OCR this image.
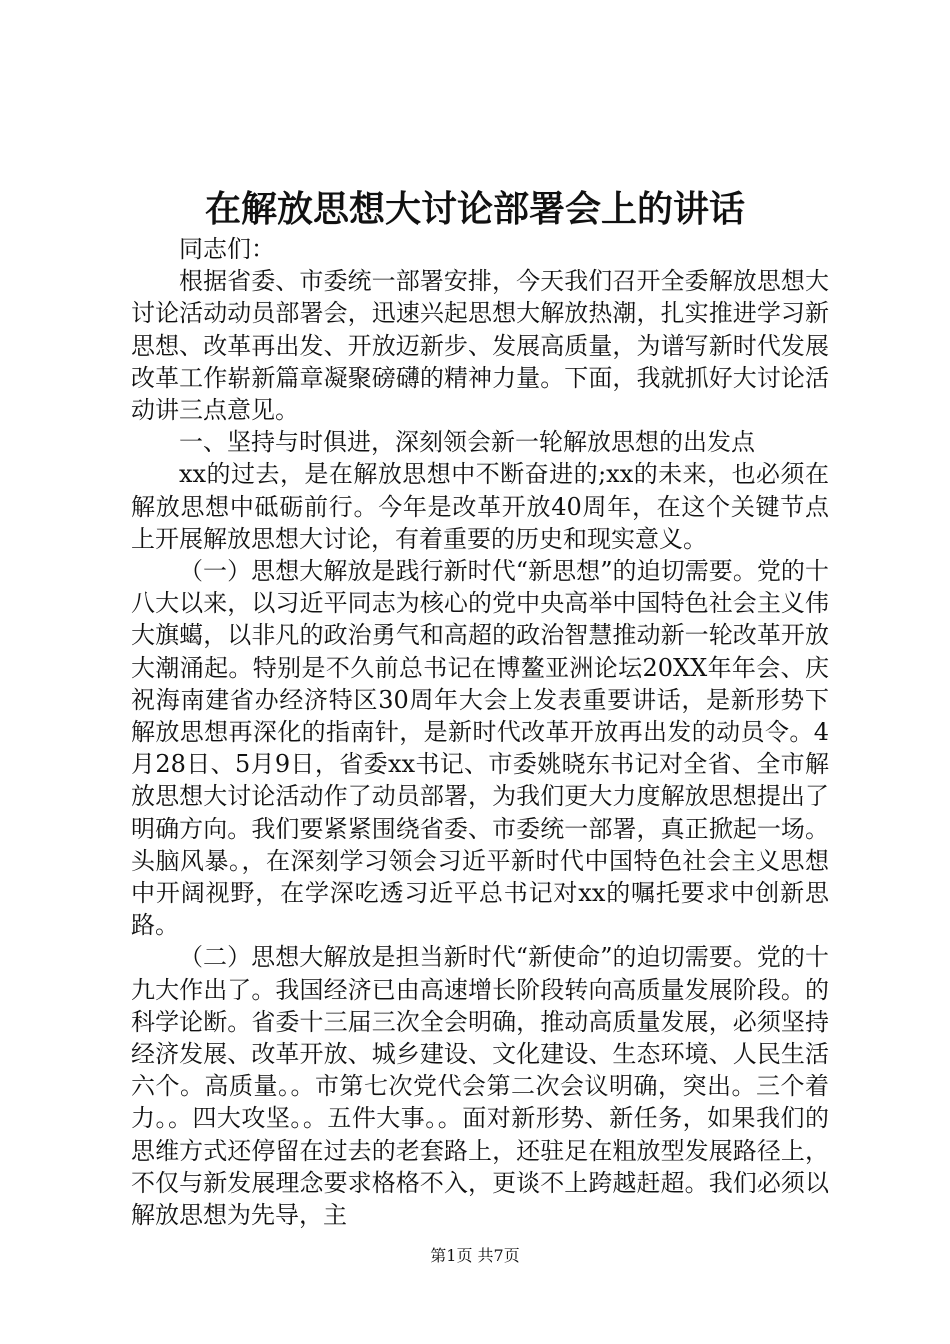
在解放思想大讨论部署会上的讲话

同志们：

根据省委、市委统一部署安排，今天我们召开全委解放思想大讨论活动动员部署会，迅速兴起思想大解放热潮，扎实推进学习新思想、改革再出发、开放迈新步、发展高质量，为谱写新时代发展改革工作崭新篇章凝聚磅礴的精神力量。下面，我就抓好大讨论活动讲三点意见。

一、坚持与时俱进，深刻领会新一轮解放思想的出发点

xx的过去，是在解放思想中不断奋进的;xx的未来，也必须在解放思想中砥砺前行。今年是改革开放40周年，在这个关键节点上开展解放思想大讨论，有着重要的历史和现实意义。

（一）思想大解放是践行新时代“新思想”的迫切需要。党的十八大以来，以习近平同志为核心的党中央高举中国特色社会主义伟大旗䗶，以非凡的政治勇气和高超的政治智慧推动新一轮改革开放大潮涌起。特别是不久前总书记在博鳌亚洲论坛20XX年年会、庆祝海南建省办经济特区30周年大会上发表重要讲话，是新形势下解放思想再深化的指南针，是新时代改革开放再出发的动员令。4月28日、5月9日，省委xx书记、市委姚晓东书记对全省、全市解放思想大讨论活动作了动员部署，为我们更大力度解放思想提出了明确方向。我们要紧紧围绕省委、市委统一部署，真正掀起一场。头脑风暴。，在深刻学习领会习近平新时代中国特色社会主义思想中开阔视野，在学深吃透习近平总书记对xx的嘱托要求中创新思路。

（二）思想大解放是担当新时代“新使命”的迫切需要。党的十九大作出了。我国经济已由高速增长阶段转向高质量发展阶段。的科学论断。省委十三届三次全会明确，推动高质量发展，必须坚持经济发展、改革开放、城乡建设、文化建设、生态环境、人民生活六个。高质量。。市第七次党代会第二次会议明确，突出。三个着力。。四大攻坚。。五件大事。。面对新形势、新任务，如果我们的思维方式还停留在过去的老套路上，还驻足在粗放型发展路径上，不仅与新发展理念要求格格不入，更谈不上跨越赶超。我们必须以解放思想为先导，主

第1页 共7页
